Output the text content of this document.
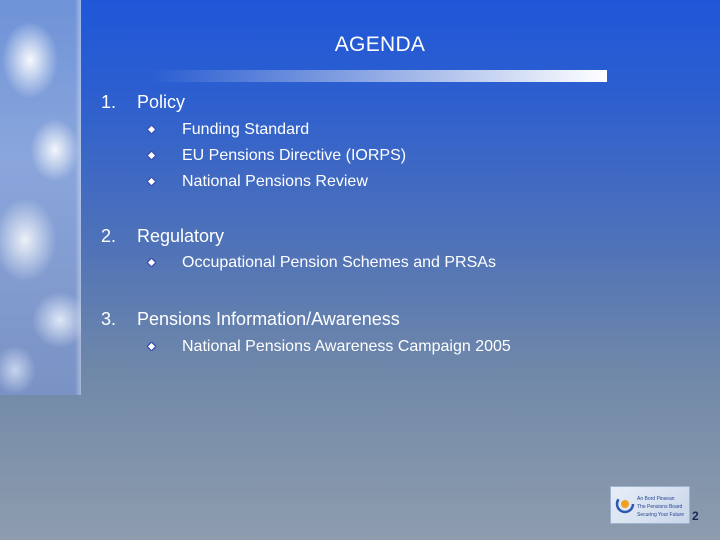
AGENDA
1. Policy
Funding Standard
EU Pensions Directive (IORPS)
National Pensions Review
2. Regulatory
Occupational Pension Schemes and PRSAs
3. Pensions Information/Awareness
National Pensions Awareness Campaign 2005
An Bord Pinsean
The Pensions Board
Securing Your Future 2
